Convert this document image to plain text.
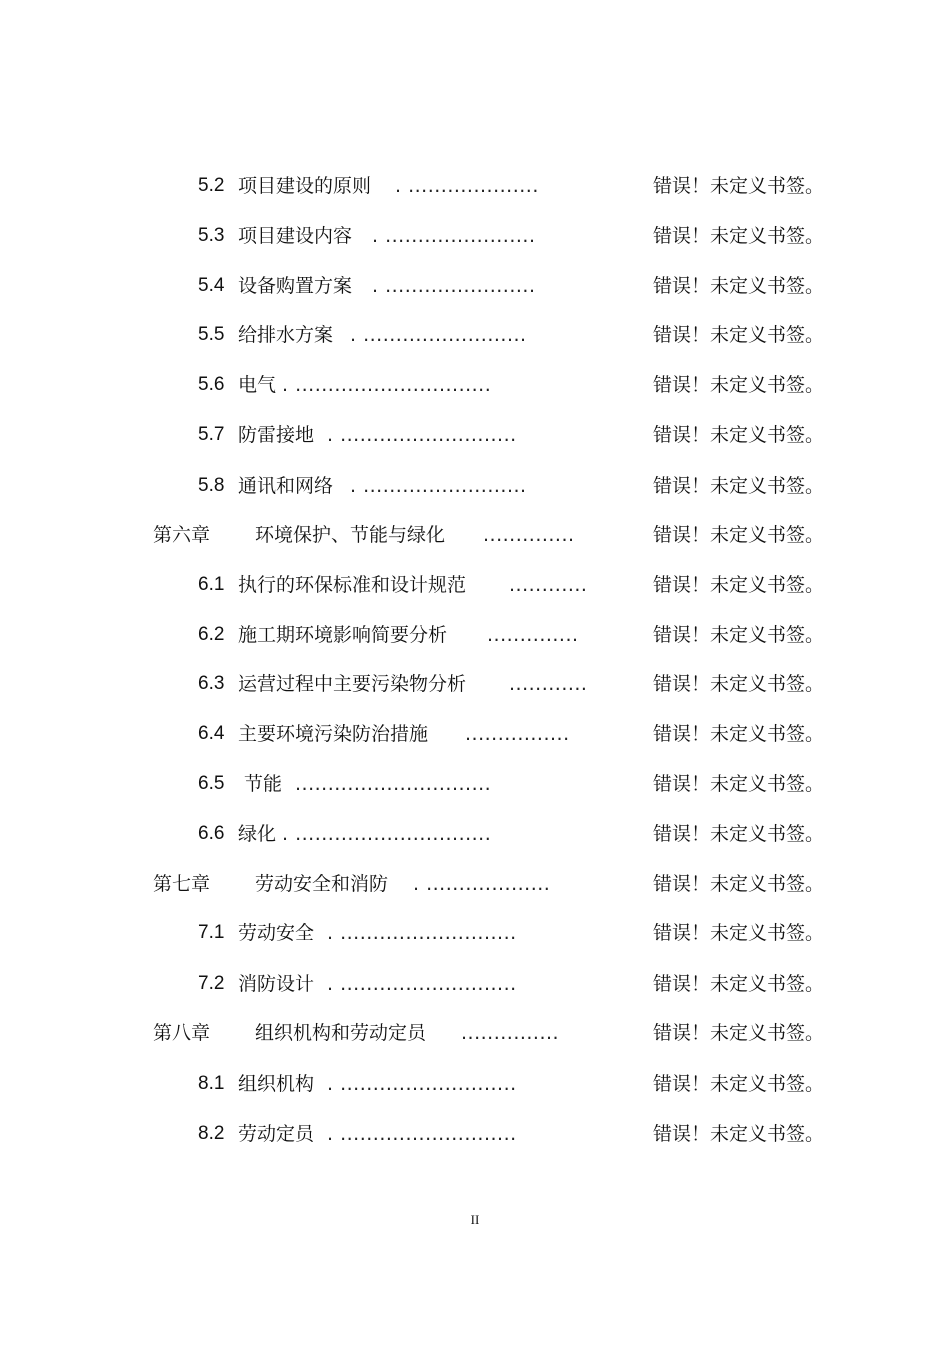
5.2 项目建设的原则 . ....................	错误！未定义书签。
5.3 项目建设内容 . .......................	错误！未定义书签。
5.4 设备购置方案 . .......................	错误！未定义书签。
5.5 给排水方案 . .........................	错误！未定义书签。
5.6 电气 . ..............................	错误！未定义书签。
5.7 防雷接地 . ...........................	错误！未定义书签。
5.8 通讯和网络 . .........................	错误！未定义书签。
第六章 环境保护、节能与绿化 ..............	错误！未定义书签。
6.1 执行的环保标准和设计规范 ............	错误！未定义书签。
6.2 施工期环境影响简要分析 ..............	错误！未定义书签。
6.3 运营过程中主要污染物分析 ............	错误！未定义书签。
6.4 主要环境污染防治措施 ................	错误！未定义书签。
6.5 节能 ..............................	错误！未定义书签。
6.6 绿化 . ..............................	错误！未定义书签。
第七章 劳动安全和消防 . ...................	错误！未定义书签。
7.1 劳动安全 . ...........................	错误！未定义书签。
7.2 消防设计 . ...........................	错误！未定义书签。
第八章 组织机构和劳动定员 ...............	错误！未定义书签。
8.1 组织机构 . ...........................	错误！未定义书签。
8.2 劳动定员 . ...........................	错误！未定义书签。
II
